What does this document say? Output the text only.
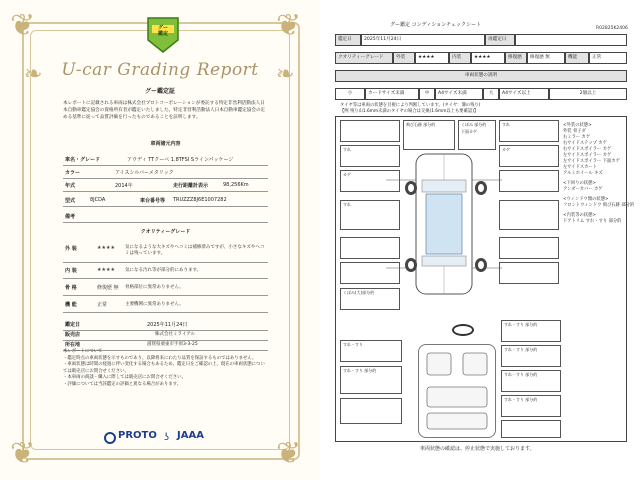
❦	❦
❦	❦
❧	❧
グー
鑑定
U-car Grading Report
グー鑑定証
本レポートに記載される車両は株式会社プロトコーポレーションが委託する特定非営利活動法人日本自動車鑑定協会の資格所有者が鑑定いたしました。特定非営利活動法人日本自動車鑑定協会の定める基準に従って品質評価を行ったものであることを証明します。
車両諸元内容
車名・グレード	アウディ TTクーペ 1.8TFSI Sラインパッケージ
カラー	アイスシルバーメタリック
年式	2014年	走行距離計表示	98,256Km
型式	8JCDA	車台番号等 TRUZZZ8J6E1007282
備考
クオリティーグレード
外 装	★★★★ 気になるような大キズやヘコミは補修済みですが、小さなキズやヘコミは残っています。
内 装	★★★★ 気になる汚れ等が部分的にあります。
骨 格	修復歴 無 骨格部位に異常ありません。
機 能	正常	主要機関に異常ありません。
鑑定日	2025年11月24日
販売店	株式会社ミライアル
所在地	滋賀県栗東市手原3-3-25
本レポートについて
・鑑定時点の車両状態を示すものであり、以降将来にわたり品質を保証するものではありません。
・車両状態は時間の経過に伴い変化する場合もあるため、鑑定日をご確認の上、現在の車両状態については販売店にお問合せください。
・本車両の商談・購入に際しては販売店にお問合せください。
・評価については当該鑑定の評価と異なる場合があります。
PROTO ʖ JAAA
グー鑑定 コンディションチェックシート
R02825K2406
鑑定日	2025年11月24日	再鑑定日
クオリティーグレード	外装	★★★★	内装	★★★★	修復歴	修復歴 無	機能	正常
車両状態の説明
小	カードサイズ未満	中	A4サイズ未満	大	A4サイズ以上	2個以上
タイヤ等は車両の状態を目視により判断しています。(タイヤ：溝の残り)
【例 残り山1.6mm未満のタイヤの場合は交換(1.6mm以上も要確認)】
すれ
カゲ
すれ
くぼみ(大)部分的
飛び石跡 部分的	くぼみ 部分的
下面カゲ
すれ
カゲ
<外装の状態>
外装 骨子ダ
右ミラー カゲ
右サイドステップ カゲ
右サイドスポイラー カゲ
左サイドスポイラー カゲ
左サイドスポイラー 下面カゲ
左サイドスカート
アルミホイール キズ
<下回りの状態>
アンダーカバー カゲ
<ウィンドウ類の状態>
フロントウィンドウ 飛び石跡 部分的
<内装等の状態>
ドアトリム すれ・すり 部分的
すれ・すり
すれ・すり 部分的
すれ・すり 部分的
すれ・すり 部分的
すれ・すり 部分的
すれ・すり 部分的
車両状態の確認は、停止状態で実施しております。
